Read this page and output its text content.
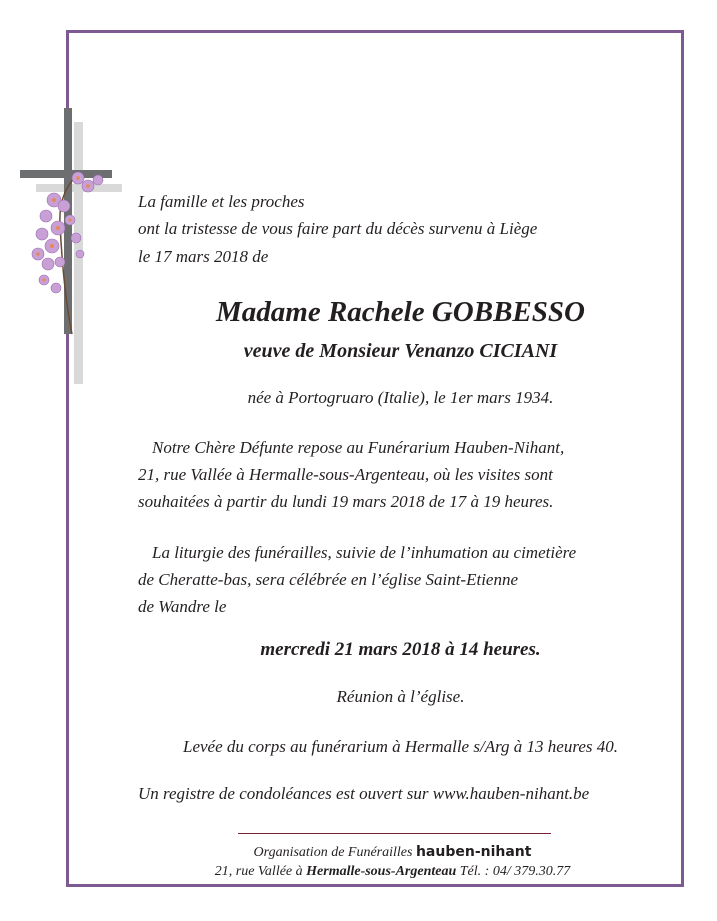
La famille et les proches
ont la tristesse de vous faire part du décès survenu à Liège
le 17 mars 2018 de
Madame Rachele GOBBESSO
veuve de Monsieur Venanzo CICIANI
née à Portogruaro (Italie), le 1er mars 1934.
Notre Chère Défunte repose au Funérarium Hauben-Nihant,
21, rue Vallée à Hermalle-sous-Argenteau, où les visites sont
souhaitées à partir du lundi 19 mars 2018 de 17 à 19 heures.
La liturgie des funérailles, suivie de l’inhumation au cimetière
de Cheratte-bas, sera célébrée en l’église Saint-Etienne
de Wandre le
mercredi 21 mars 2018 à 14 heures.
Réunion à l’église.
Levée du corps au funérarium à Hermalle s/Arg à 13 heures 40.
Un registre de condoléances est ouvert sur www.hauben-nihant.be
Organisation de Funérailles hauben-nihant
21, rue Vallée à Hermalle-sous-Argenteau Tél. : 04/ 379.30.77
